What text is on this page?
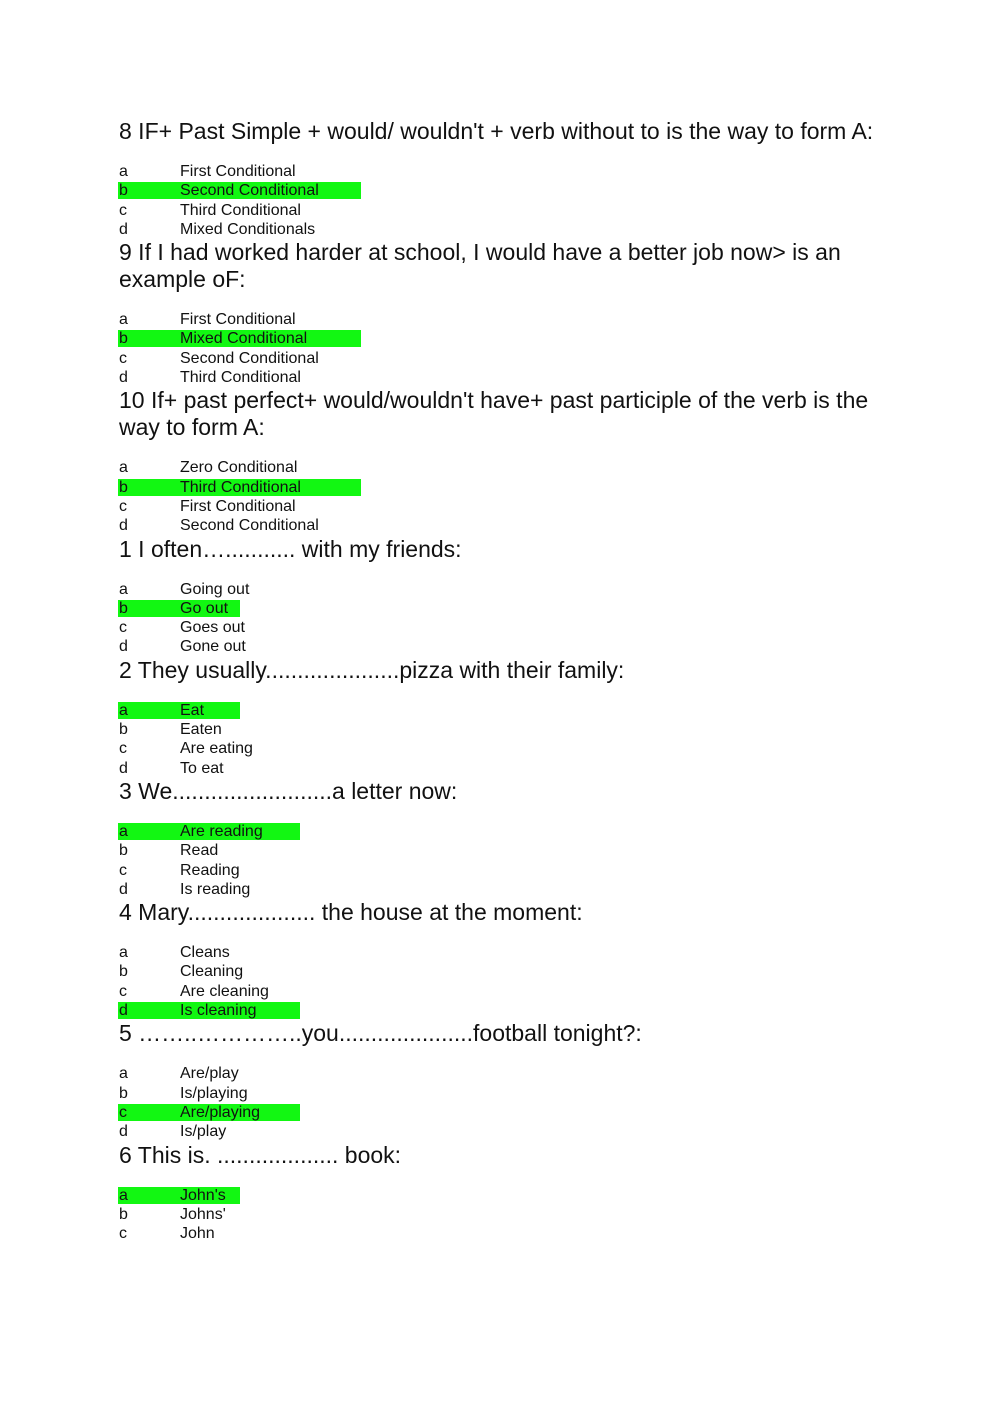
8 IF+ Past Simple + would/ wouldn't + verb without to is the way to form A:

a	First Conditional
b	Second Conditional
c	Third Conditional
d	Mixed Conditionals

9 If I had worked harder at school, I would have a better job now> is an example oF:

a	First Conditional
b	Mixed Conditional
c	Second Conditional
d	Third Conditional

10 If+ past perfect+ would/wouldn't have+ past participle of the verb is the way to form A:

a	Zero Conditional
b	Third Conditional
c	First Conditional
d	Second Conditional

1 I often…........... with my friends:

a	Going out
b	Go out
c	Goes out
d	Gone out

2 They usually.....................pizza with their family:

a	Eat
b	Eaten
c	Are eating
d	To eat

3 We.........................a letter now:

a	Are reading
b	Read
c	Reading
d	Is reading

4 Mary.................... the house at the moment:

a	Cleans
b	Cleaning
c	Are cleaning
d	Is cleaning

5 ……..…………..you.....................football tonight?:

a	Are/play
b	Is/playing
c	Are/playing
d	Is/play

6 This is. ................... book:

a	John's
b	Johns'
c	John
